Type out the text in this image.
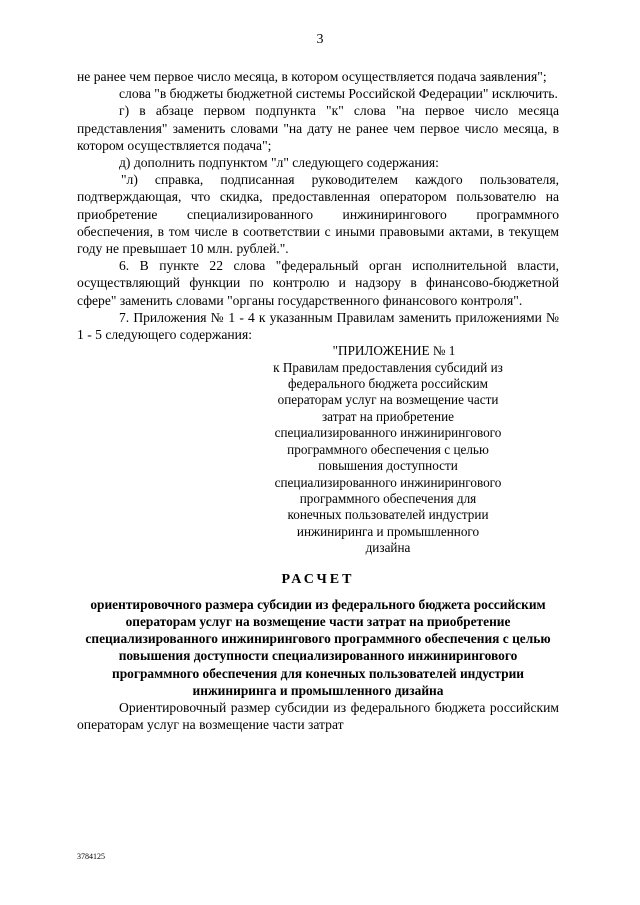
3

не ранее чем первое число месяца, в котором осуществляется подача заявления";

слова "в бюджеты бюджетной системы Российской Федерации" исключить.

г) в абзаце первом подпункта "к" слова "на первое число месяца представления" заменить словами "на дату не ранее чем первое число месяца, в котором осуществляется подача";

д) дополнить подпунктом "л" следующего содержания:

"л) справка, подписанная руководителем каждого пользователя, подтверждающая, что скидка, предоставленная оператором пользователю на приобретение специализированного инжинирингового программного обеспечения, в том числе в соответствии с иными правовыми актами, в текущем году не превышает 10 млн. рублей.".

6. В пункте 22 слова "федеральный орган исполнительной власти, осуществляющий функции по контролю и надзору в финансово-бюджетной сфере" заменить словами "органы государственного финансового контроля".

7. Приложения № 1 - 4 к указанным Правилам заменить приложениями № 1 - 5 следующего содержания:

"ПРИЛОЖЕНИЕ № 1
к Правилам предоставления субсидий из федерального бюджета российским операторам услуг на возмещение части затрат на приобретение специализированного инжинирингового программного обеспечения с целью повышения доступности специализированного инжинирингового программного обеспечения для конечных пользователей индустрии инжиниринга и промышленного дизайна
РАСЧЕТ
ориентировочного размера субсидии из федерального бюджета российским операторам услуг на возмещение части затрат на приобретение специализированного инжинирингового программного обеспечения с целью повышения доступности специализированного инжинирингового программного обеспечения для конечных пользователей индустрии инжиниринга и промышленного дизайна

Ориентировочный размер субсидии из федерального бюджета российским операторам услуг на возмещение части затрат

3784125
